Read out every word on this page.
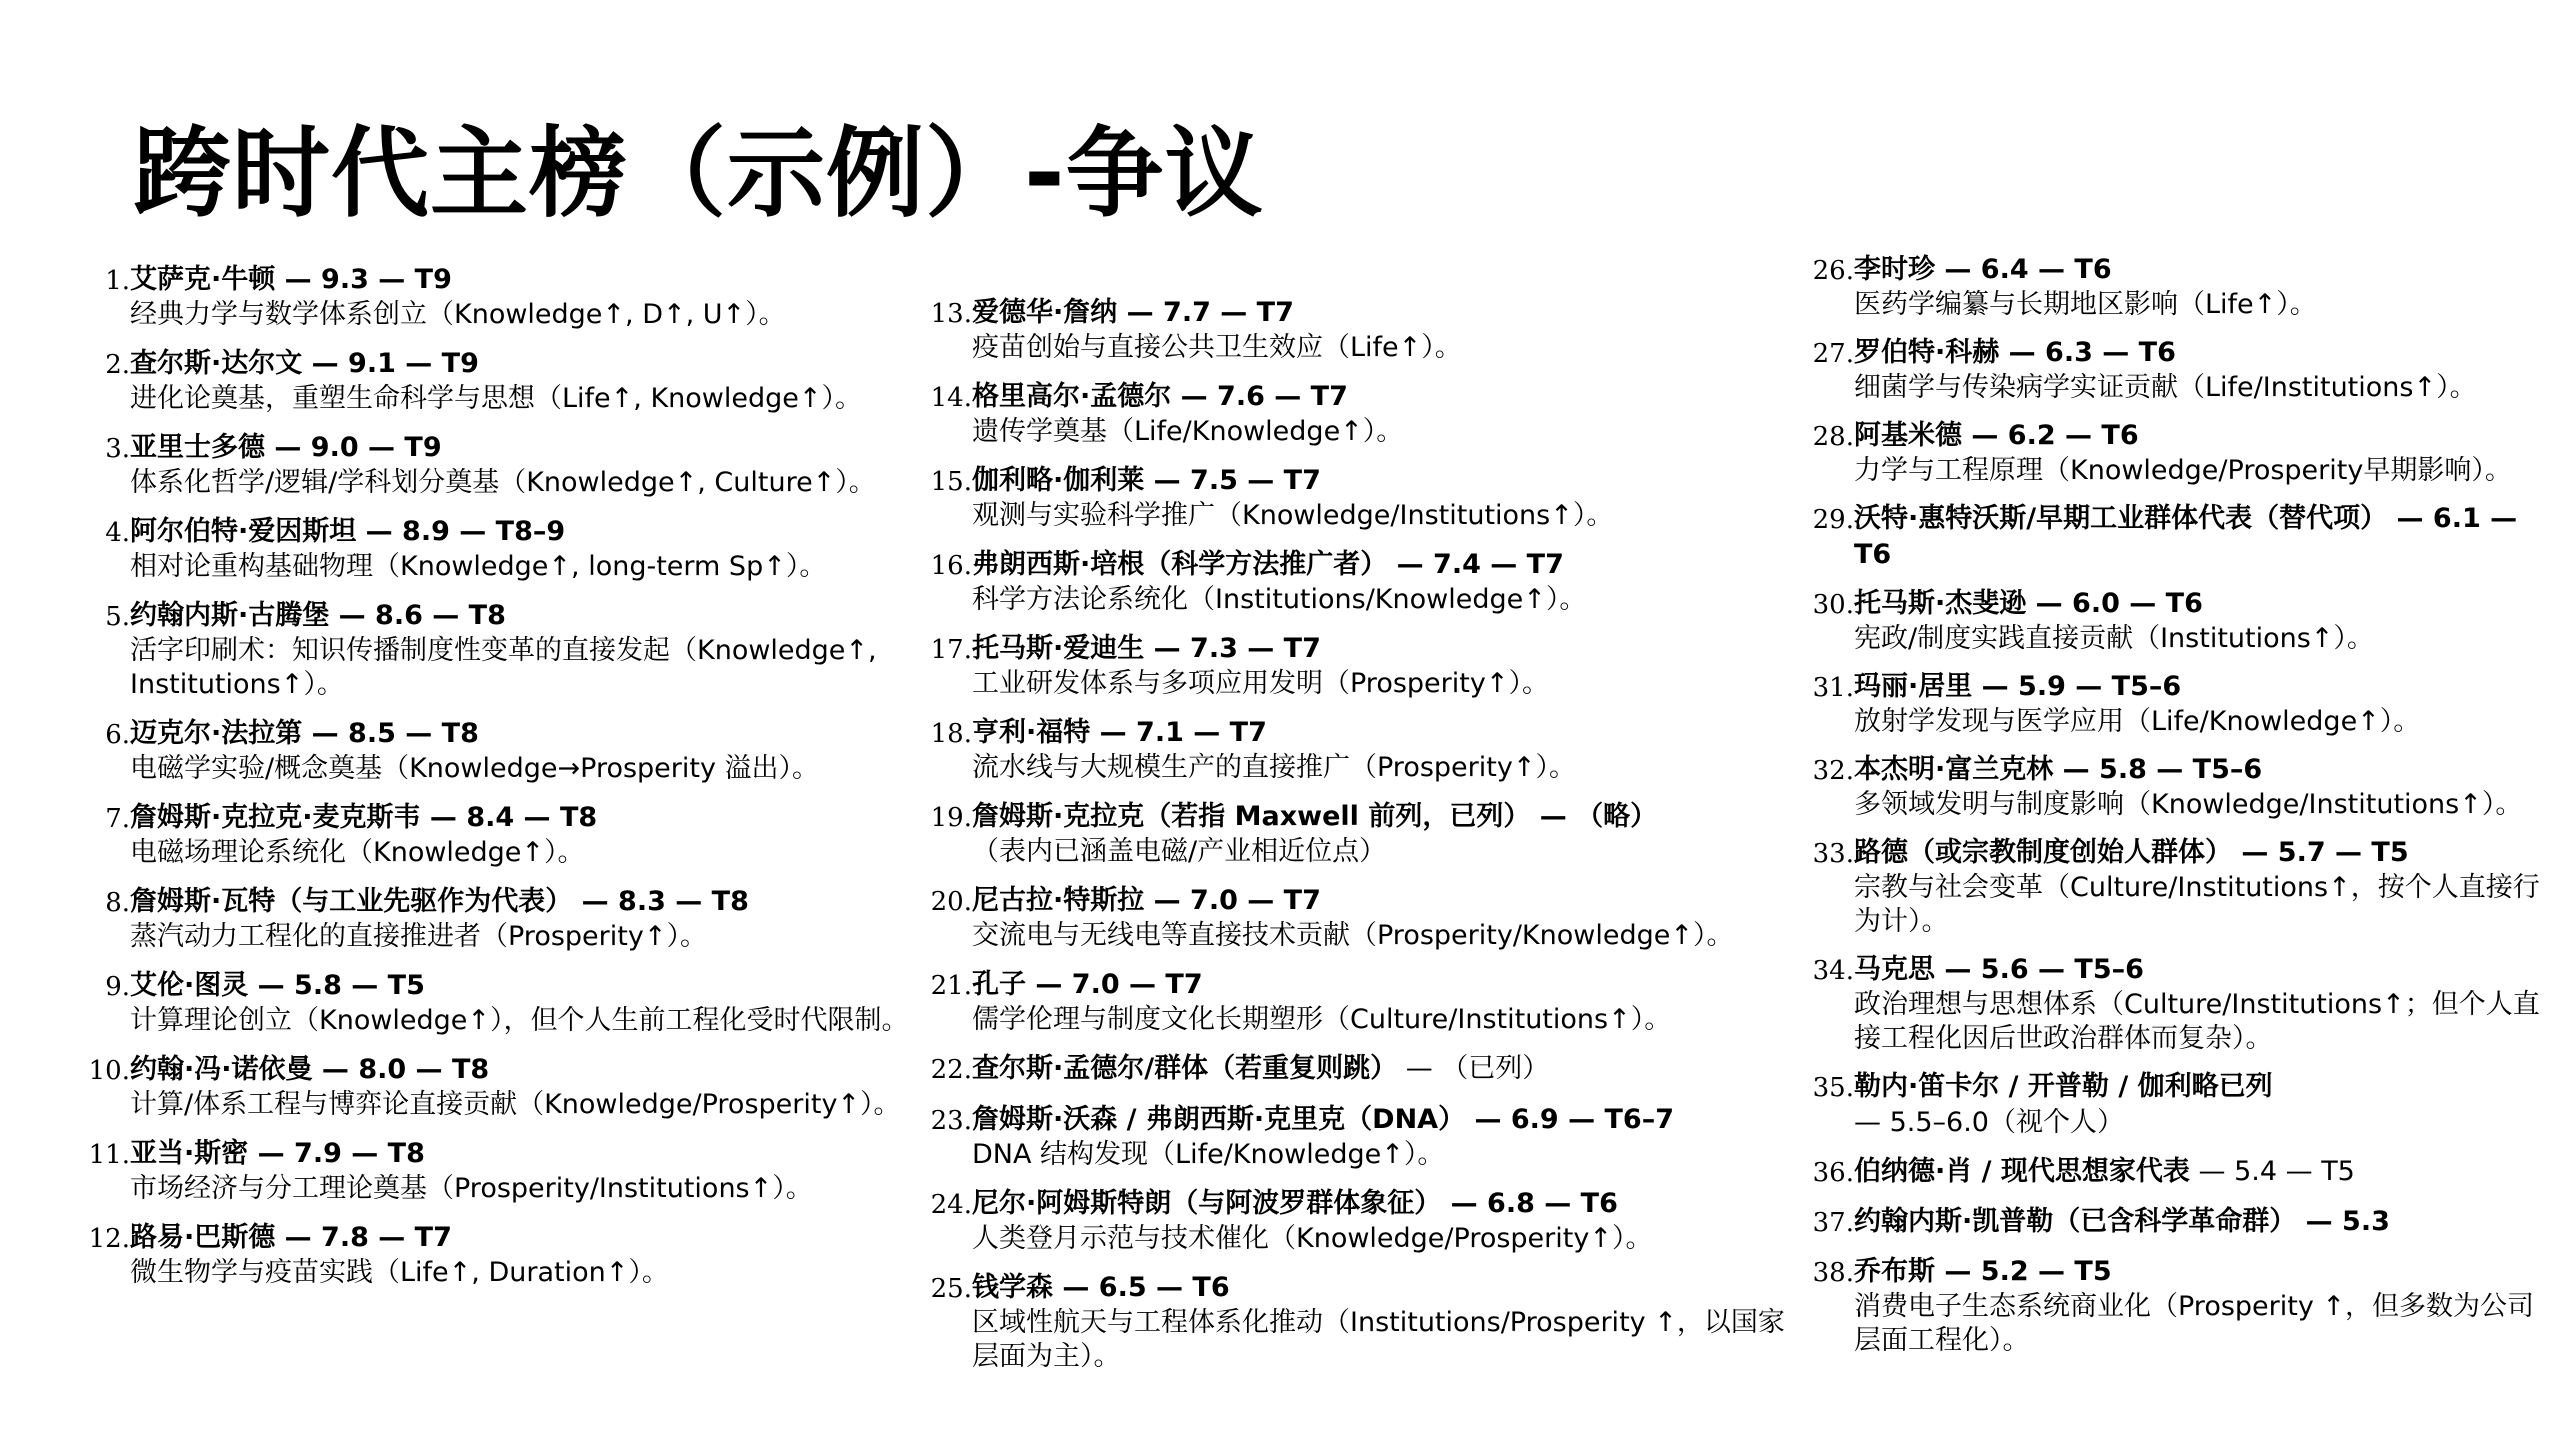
跨时代主榜（示例）-争议
1. 艾萨克·牛顿 — 9.3 — T9
经典力学与数学体系创立（Knowledge↑, D↑, U↑）。
2. 查尔斯·达尔文 — 9.1 — T9
进化论奠基，重塑生命科学与思想（Life↑, Knowledge↑）。
3. 亚里士多德 — 9.0 — T9
体系化哲学/逻辑/学科划分奠基（Knowledge↑, Culture↑）。
4. 阿尔伯特·爱因斯坦 — 8.9 — T8–9
相对论重构基础物理（Knowledge↑, long-term Sp↑）。
5. 约翰内斯·古腾堡 — 8.6 — T8
活字印刷术：知识传播制度性变革的直接发起（Knowledge↑, Institutions↑）。
6. 迈克尔·法拉第 — 8.5 — T8
电磁学实验/概念奠基（Knowledge→Prosperity 溢出）。
7. 詹姆斯·克拉克·麦克斯韦 — 8.4 — T8
电磁场理论系统化（Knowledge↑）。
8. 詹姆斯·瓦特（与工业先驱作为代表） — 8.3 — T8
蒸汽动力工程化的直接推进者（Prosperity↑）。
9. 艾伦·图灵 — 5.8 — T5
计算理论创立（Knowledge↑），但个人生前工程化受时代限制。
10. 约翰·冯·诺依曼 — 8.0 — T8
计算/体系工程与博弈论直接贡献（Knowledge/Prosperity↑）。
11. 亚当·斯密 — 7.9 — T8
市场经济与分工理论奠基（Prosperity/Institutions↑）。
12. 路易·巴斯德 — 7.8 — T7
微生物学与疫苗实践（Life↑, Duration↑）。
13. 爱德华·詹纳 — 7.7 — T7
疫苗创始与直接公共卫生效应（Life↑）。
14. 格里高尔·孟德尔 — 7.6 — T7
遗传学奠基（Life/Knowledge↑）。
15. 伽利略·伽利莱 — 7.5 — T7
观测与实验科学推广（Knowledge/Institutions↑）。
16. 弗朗西斯·培根（科学方法推广者） — 7.4 — T7
科学方法论系统化（Institutions/Knowledge↑）。
17. 托马斯·爱迪生 — 7.3 — T7
工业研发体系与多项应用发明（Prosperity↑）。
18. 亨利·福特 — 7.1 — T7
流水线与大规模生产的直接推广（Prosperity↑）。
19. 詹姆斯·克拉克（若指 Maxwell 前列，已列） — （略）
（表内已涵盖电磁/产业相近位点）
20. 尼古拉·特斯拉 — 7.0 — T7
交流电与无线电等直接技术贡献（Prosperity/Knowledge↑）。
21. 孔子 — 7.0 — T7
儒学伦理与制度文化长期塑形（Culture/Institutions↑）。
22. 查尔斯·孟德尔/群体（若重复则跳） — （已列）
23. 詹姆斯·沃森 / 弗朗西斯·克里克（DNA） — 6.9 — T6–7
DNA 结构发现（Life/Knowledge↑）。
24. 尼尔·阿姆斯特朗（与阿波罗群体象征） — 6.8 — T6
人类登月示范与技术催化（Knowledge/Prosperity↑）。
25. 钱学森 — 6.5 — T6
区域性航天与工程体系化推动（Institutions/Prosperity ↑，以国家层面为主）。
26. 李时珍 — 6.4 — T6
医药学编纂与长期地区影响（Life↑）。
27. 罗伯特·科赫 — 6.3 — T6
细菌学与传染病学实证贡献（Life/Institutions↑）。
28. 阿基米德 — 6.2 — T6
力学与工程原理（Knowledge/Prosperity早期影响）。
29. 沃特·惠特沃斯/早期工业群体代表（替代项） — 6.1 — T6
30. 托马斯·杰斐逊 — 6.0 — T6
宪政/制度实践直接贡献（Institutions↑）。
31. 玛丽·居里 — 5.9 — T5–6
放射学发现与医学应用（Life/Knowledge↑）。
32. 本杰明·富兰克林 — 5.8 — T5–6
多领域发明与制度影响（Knowledge/Institutions↑）。
33. 路德（或宗教制度创始人群体） — 5.7 — T5
宗教与社会变革（Culture/Institutions↑，按个人直接行为计）。
34. 马克思 — 5.6 — T5–6
政治理想与思想体系（Culture/Institutions↑；但个人直接工程化因后世政治群体而复杂）。
35. 勒内·笛卡尔 / 开普勒 / 伽利略已列 — 5.5–6.0（视个人）
36. 伯纳德·肖 / 现代思想家代表 — 5.4 — T5
37. 约翰内斯·凯普勒（已含科学革命群） — 5.3
38. 乔布斯 — 5.2 — T5
消费电子生态系统商业化（Prosperity ↑，但多数为公司层面工程化）。
